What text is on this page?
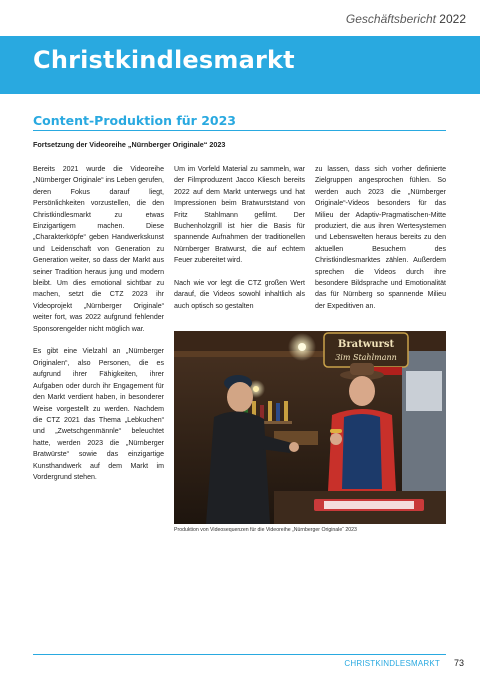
Geschäftsbericht 2022
Christkindlesmarkt
Content-Produktion für 2023
Fortsetzung der Videoreihe „Nürnberger Originale“ 2023

Bereits 2021 wurde die Videoreihe „Nürnberger Originale“ ins Leben gerufen, deren Fokus darauf liegt, Persönlichkeiten vorzustellen, die den Christkindlesmarkt zu etwas Einzigartigem machen. Diese „Charakterköpfe“ geben Handwerkskunst und Leidenschaft von Generation zu Generation weiter, so dass der Markt aus seiner Tradition heraus jung und modern bleibt. Um dies emotional sichtbar zu machen, setzt die CTZ 2023 ihr Videoprojekt „Nürnberger Originale“ weiter fort, was 2022 aufgrund fehlender Sponsorengelder nicht möglich war.

Es gibt eine Vielzahl an „Nürnberger Originalen“, also Personen, die es aufgrund ihrer Fähigkeiten, ihrer Aufgaben oder durch ihr Engagement für den Markt verdient haben, in besonderer Weise vorgestellt zu werden. Nachdem die CTZ 2021 das Thema „Lebkuchen“ und „Zwetschgenmännle“ beleuchtet hatte, werden 2023 die „Nürnberger Bratwürste“ sowie das einzigartige Kunsthandwerk auf dem Markt im Vordergrund stehen.

Um im Vorfeld Material zu sammeln, war der Filmproduzent Jacco Kliesch bereits 2022 auf dem Markt unterwegs und hat Impressionen beim Bratwurststand von Fritz Stahlmann gefilmt. Der Buchenholzgrill ist hier die Basis für spannende Aufnahmen der traditionellen Nürnberger Bratwurst, die auf echtem Feuer zubereitet wird.

Nach wie vor legt die CTZ großen Wert darauf, die Videos sowohl inhaltlich als auch optisch so gestalten

zu lassen, dass sich vorher definierte Zielgruppen angesprochen fühlen. So werden auch 2023 die „Nürnberger Originale“-Videos besonders für das Milieu der Adaptiv-Pragmatischen-Mitte produziert, die aus ihren Wertesystemen und Lebenswelten heraus bereits zu den aktuellen Besuchern des Christkindlesmarktes zählen. Außerdem sprechen die Videos durch ihre besondere Bildsprache und Emotionalität das für Nürnberg so spannende Milieu der Expeditiven an.

Bratwurst
3im Stahlmann
Produktion von Videosequenzen für die Videoreihe „Nürnberger Originale“ 2023
CHRISTKINDLESMARKT 73
